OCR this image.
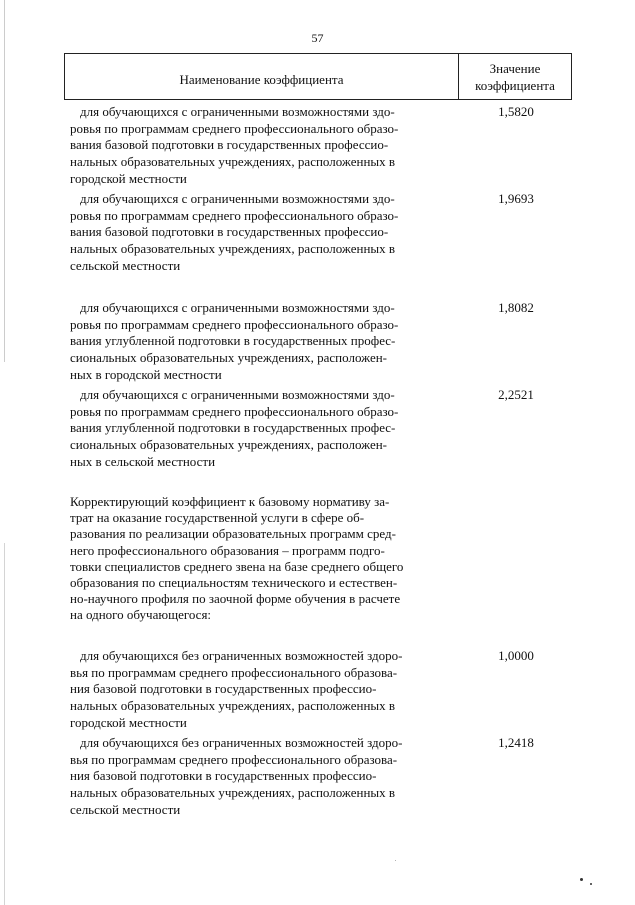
57
Наименование коэффициента
Значение
коэффициента
для обучающихся с ограниченными возможностями здо-
ровья по программам среднего профессионального образо-
вания базовой подготовки в государственных профессио-
нальных образовательных учреждениях, расположенных в
городской местности
1,5820
для обучающихся с ограниченными возможностями здо-
ровья по программам среднего профессионального образо-
вания базовой подготовки в государственных профессио-
нальных образовательных учреждениях, расположенных в
сельской местности
1,9693
для обучающихся с ограниченными возможностями здо-
ровья по программам среднего профессионального образо-
вания углубленной подготовки в государственных профес-
сиональных образовательных учреждениях, расположен-
ных в городской местности
1,8082
для обучающихся с ограниченными возможностями здо-
ровья по программам среднего профессионального образо-
вания углубленной подготовки в государственных профес-
сиональных образовательных учреждениях, расположен-
ных в сельской местности
2,2521
Корректирующий коэффициент к базовому нормативу за-
трат на оказание государственной услуги в сфере об-
разования по реализации образовательных программ сред-
него профессионального образования – программ подго-
товки специалистов среднего звена на базе среднего общего
образования по специальностям технического и естествен-
но-научного профиля по заочной форме обучения в расчете
на одного обучающегося:
для обучающихся без ограниченных возможностей здоро-
вья по программам среднего профессионального образова-
ния базовой подготовки в государственных профессио-
нальных образовательных учреждениях, расположенных в
городской местности
1,0000
для обучающихся без ограниченных возможностей здоро-
вья по программам среднего профессионального образова-
ния базовой подготовки в государственных профессио-
нальных образовательных учреждениях, расположенных в
сельской местности
1,2418
